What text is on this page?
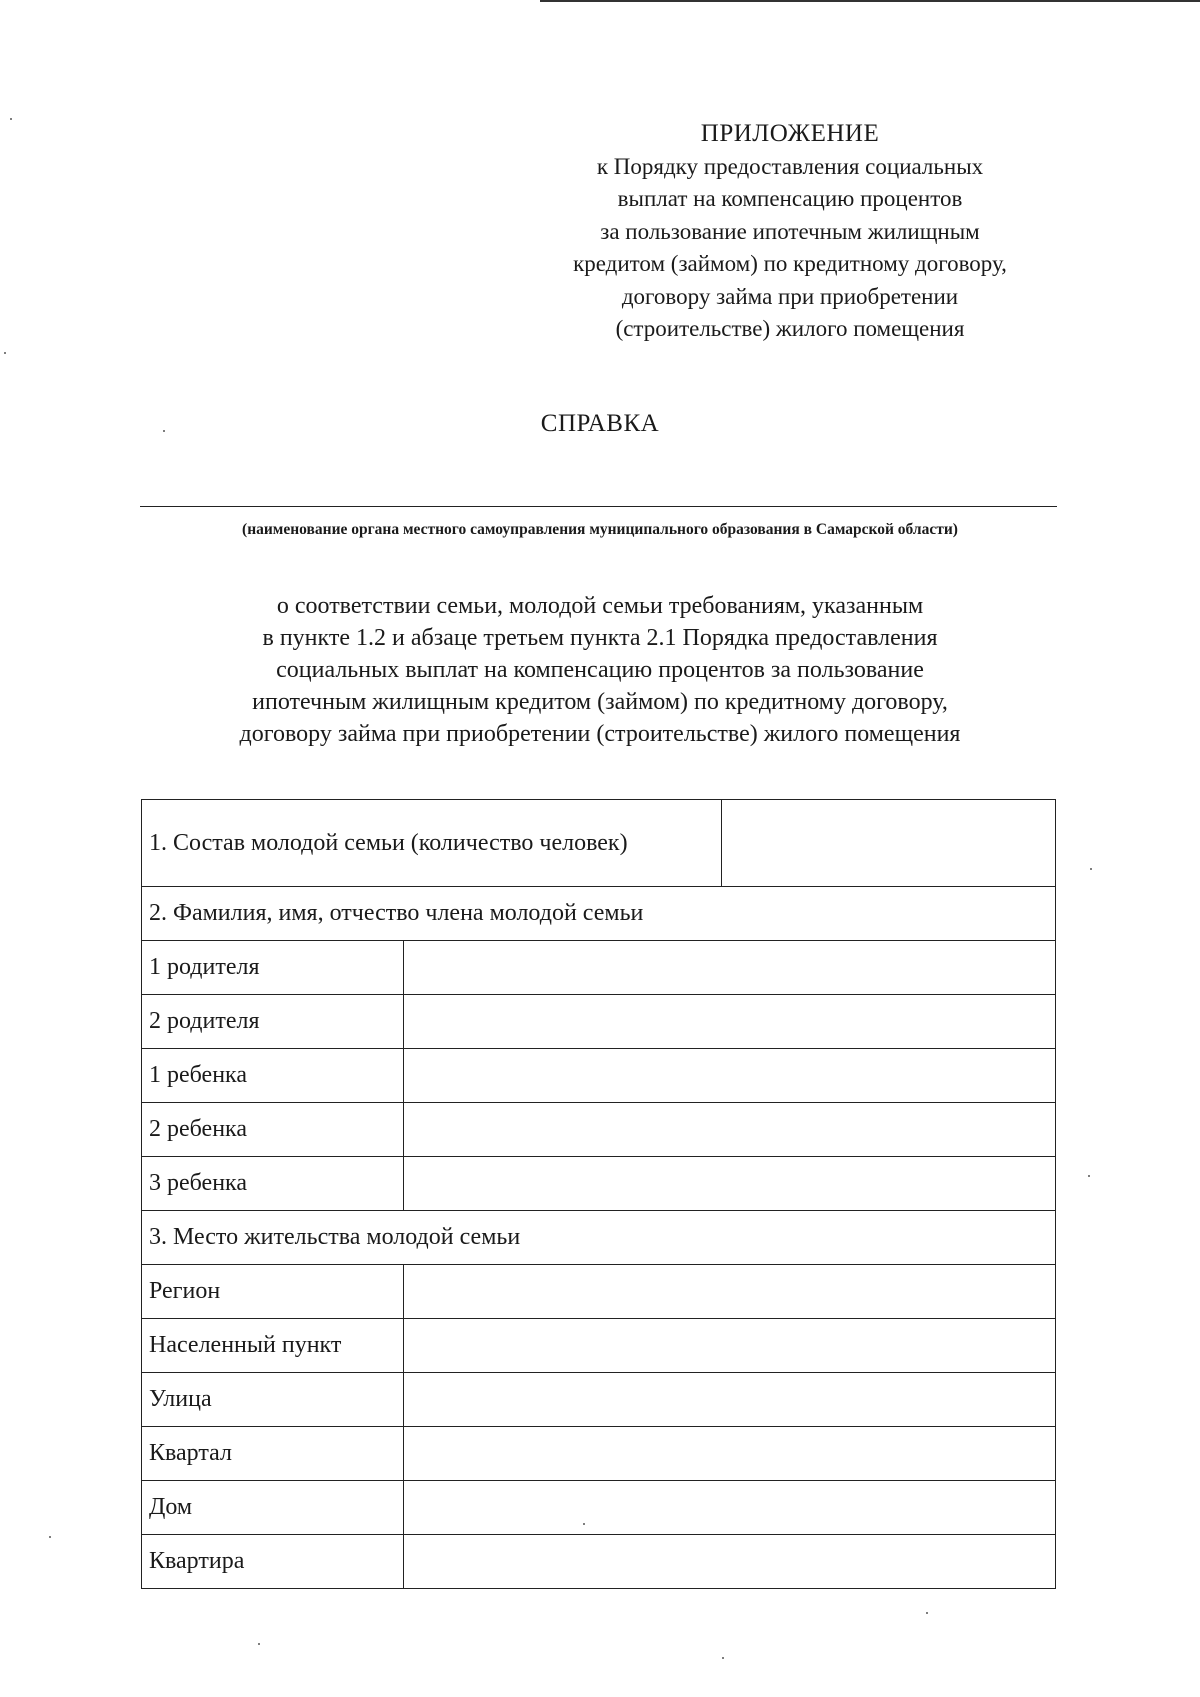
ПРИЛОЖЕНИЕ
к Порядку предоставления социальных
выплат на компенсацию процентов
за пользование ипотечным жилищным
кредитом (займом) по кредитному договору,
договору займа при приобретении
(строительстве) жилого помещения
СПРАВКА
(наименование органа местного самоуправления муниципального образования в Самарской области)
о соответствии семьи, молодой семьи требованиям, указанным
в пункте 1.2 и абзаце третьем пункта 2.1 Порядка предоставления
социальных выплат на компенсацию процентов за пользование
ипотечным жилищным кредитом (займом) по кредитному договору,
договору займа при приобретении (строительстве) жилого помещения
1. Состав молодой семьи (количество человек)		
2. Фамилия, имя, отчество члена молодой семьи		
1 родителя		
2 родителя		
1 ребенка		
2 ребенка		
3 ребенка		
3. Место жительства молодой семьи		
Регион		
Населенный пункт		
Улица		
Квартал		
Дом		
Квартира		
